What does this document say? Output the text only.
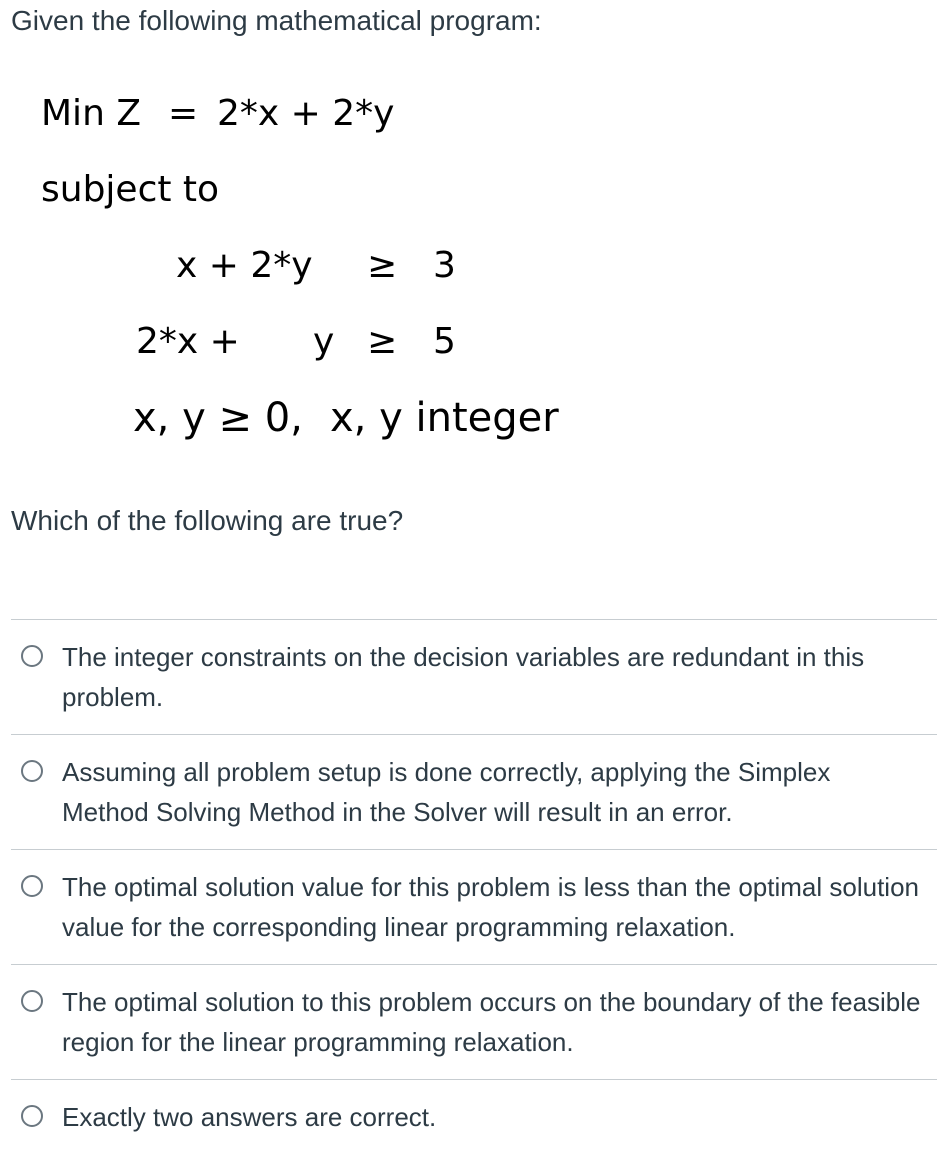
Given the following mathematical program:
Min Z = 2*x + 2*y
subject to
x + 2*y ≥ 3
2*x + y ≥ 5
x, y ≥ 0, x, y integer
Which of the following are true?
The integer constraints on the decision variables are redundant in this problem.
Assuming all problem setup is done correctly, applying the Simplex Method Solving Method in the Solver will result in an error.
The optimal solution value for this problem is less than the optimal solution value for the corresponding linear programming relaxation.
The optimal solution to this problem occurs on the boundary of the feasible region for the linear programming relaxation.
Exactly two answers are correct.
